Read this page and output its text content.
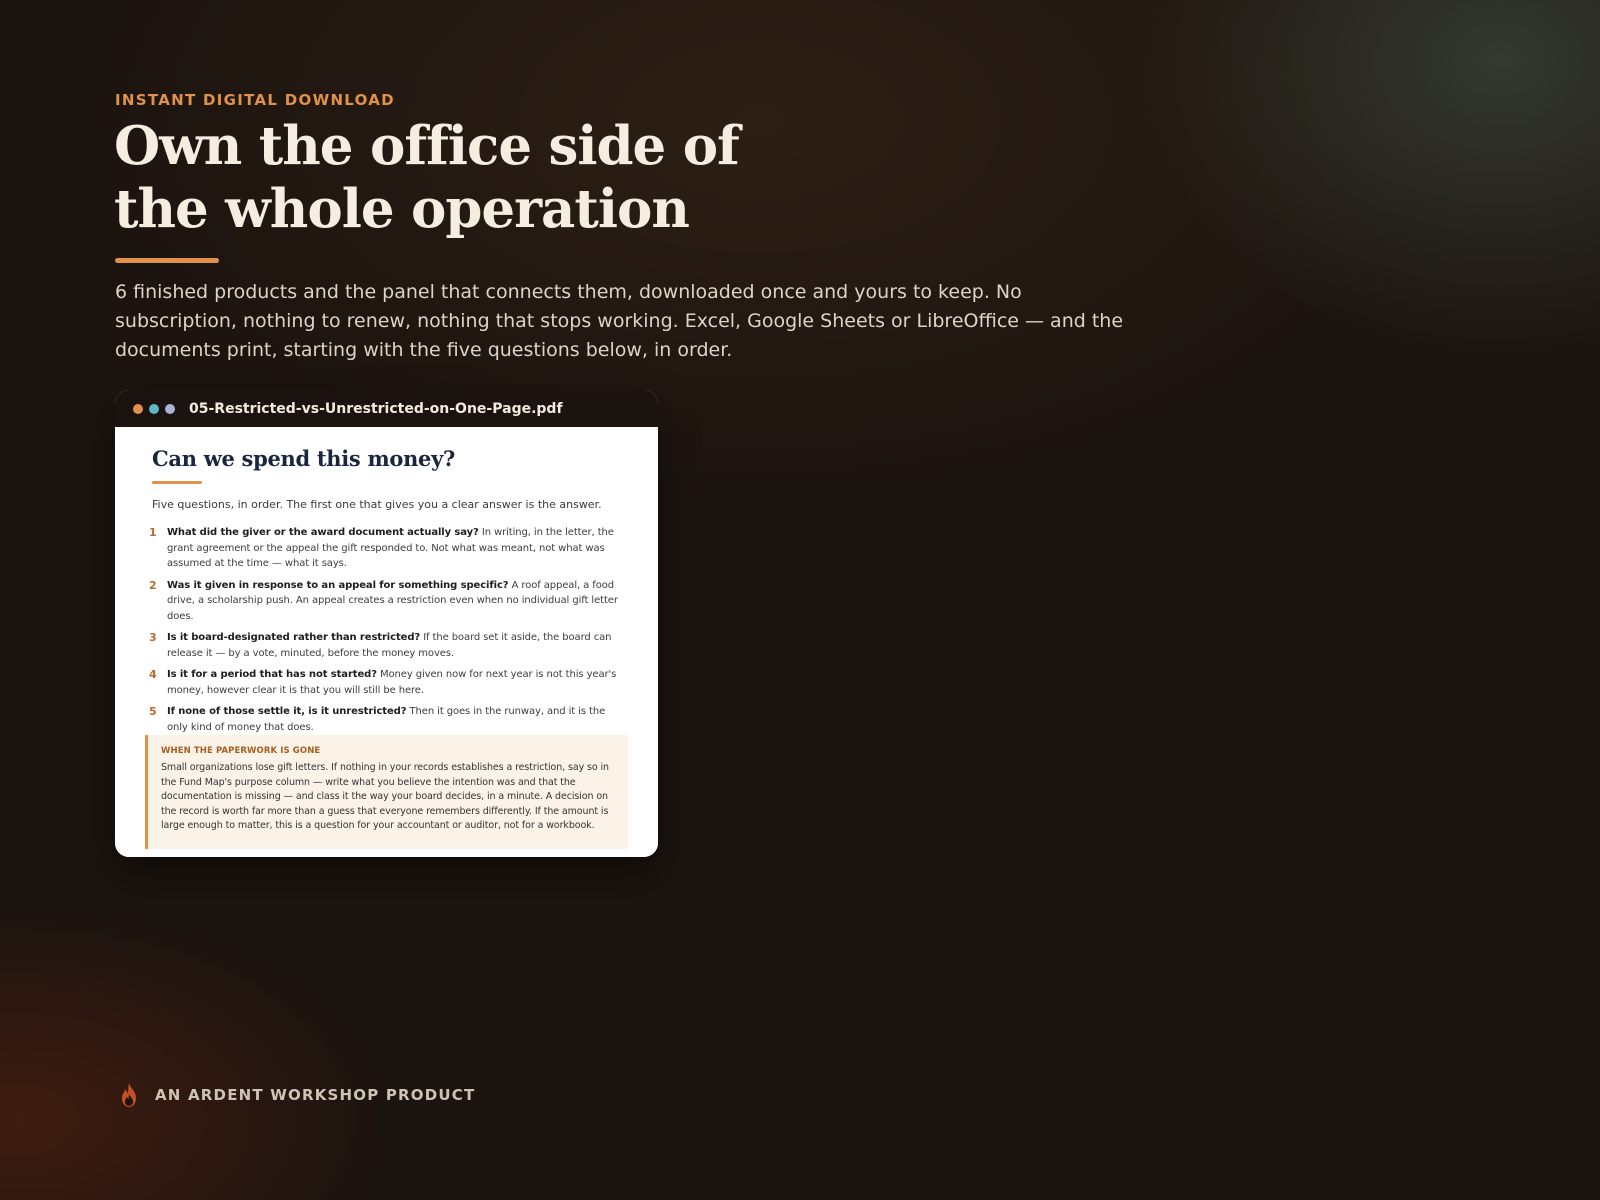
INSTANT DIGITAL DOWNLOAD
Own the office side of
the whole operation

6 finished products and the panel that connects them, downloaded once and yours to keep. No subscription, nothing to renew, nothing that stops working. Excel, Google Sheets or LibreOffice — and the documents print, starting with the five questions below, in order.

05-Restricted-vs-Unrestricted-on-One-Page.pdf
Can we spend this money?

Five questions, in order. The first one that gives you a clear answer is the answer.

1	What did the giver or the award document actually say? In writing, in the letter, the grant agreement or the appeal the gift responded to. Not what was meant, not what was assumed at the time — what it says.
2	Was it given in response to an appeal for something specific? A roof appeal, a food drive, a scholarship push. An appeal creates a restriction even when no individual gift letter does.
3	Is it board-designated rather than restricted? If the board set it aside, the board can release it — by a vote, minuted, before the money moves.
4	Is it for a period that has not started? Money given now for next year is not this year's money, however clear it is that you will still be here.
5	If none of those settle it, is it unrestricted? Then it goes in the runway, and it is the only kind of money that does.
WHEN THE PAPERWORK IS GONE

Small organizations lose gift letters. If nothing in your records establishes a restriction, say so in the Fund Map's purpose column — write what you believe the intention was and that the documentation is missing — and class it the way your board decides, in a minute. A decision on the record is worth far more than a guess that everyone remembers differently. If the amount is large enough to matter, this is a question for your accountant or auditor, not for a workbook.

AN ARDENT WORKSHOP PRODUCT
